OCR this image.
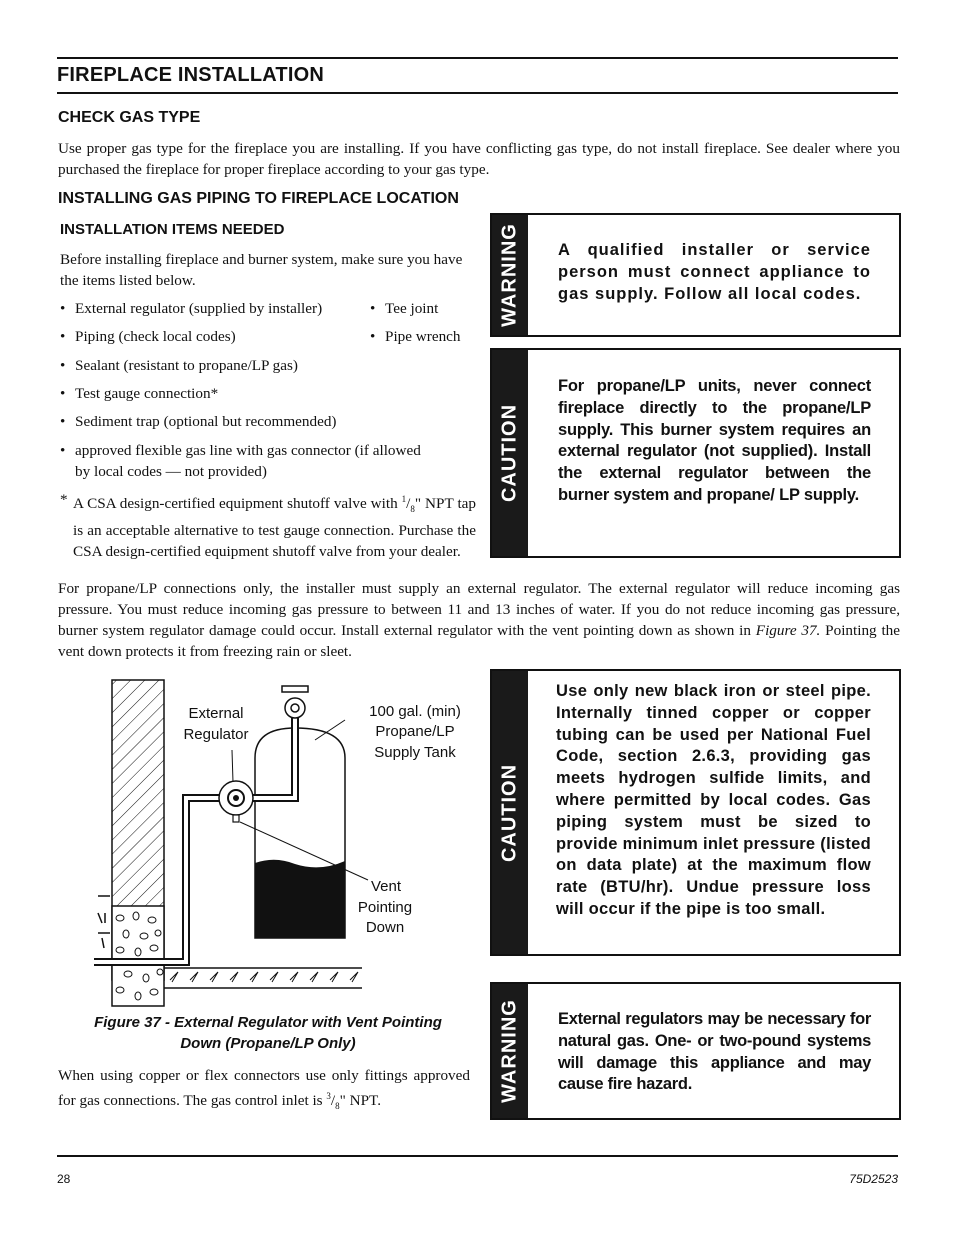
FIREPLACE INSTALLATION
CHECK GAS TYPE
Use proper gas type for the fireplace you are installing. If you have conflicting gas type, do not install fireplace. See dealer where you purchased the fireplace for proper fireplace according to your gas type.
INSTALLING GAS PIPING TO FIREPLACE LOCATION
INSTALLATION ITEMS NEEDED
Before installing fireplace and burner system, make sure you have the items listed below.
• External regulator (supplied by installer)	• Tee joint
• Piping (check local codes)	• Pipe wrench
• Sealant (resistant to propane/LP gas)
• Test gauge connection*
• Sediment trap (optional but recommended)
• approved flexible gas line with gas connector (if allowed
by local codes — not provided)
* A CSA design-certified equipment shutoff valve with $^1/_8$" NPT tap is an acceptable alternative to test gauge connection. Purchase the CSA design-certified equipment shutoff valve from your dealer.
WARNING A qualified installer or service person must connect appliance to gas supply. Follow all local codes.
CAUTION
For propane/LP units, never connect fireplace directly to the propane/LP supply. This burner system requires an external regulator (not supplied). Install the external regulator between the burner system and propane/ LP supply.
CAUTION
Use only new black iron or steel pipe. Internally tinned copper or copper tubing can be used per National Fuel Code, section 2.6.3, providing gas meets hydrogen sulfide limits, and where permitted by local codes. Gas piping system must be sized to provide minimum inlet pressure (listed on data plate) at the maximum flow rate (BTU/hr). Undue pressure loss will occur if the pipe is too small.
WARNING External regulators may be necessary for natural gas. One- or two-pound systems will damage this appliance and may cause fire hazard.
For propane/LP connections only, the installer must supply an external regulator. The external regulator will reduce incoming gas pressure. You must reduce incoming gas pressure to between 11 and 13 inches of water. If you do not reduce incoming gas pressure, burner system regulator damage could occur. Install external regulator with the vent pointing down as shown in Figure 37. Pointing the vent down protects it from freezing rain or sleet.
External
Regulator
100 gal. (min)
Propane/LP
Supply Tank
Vent
Pointing
Down
Figure 37 - External Regulator with Vent Pointing
Down (Propane/LP Only)
When using copper or flex connectors use only fittings approved for gas connections. The gas control inlet is $^3/_8$" NPT.
28	75D2523
